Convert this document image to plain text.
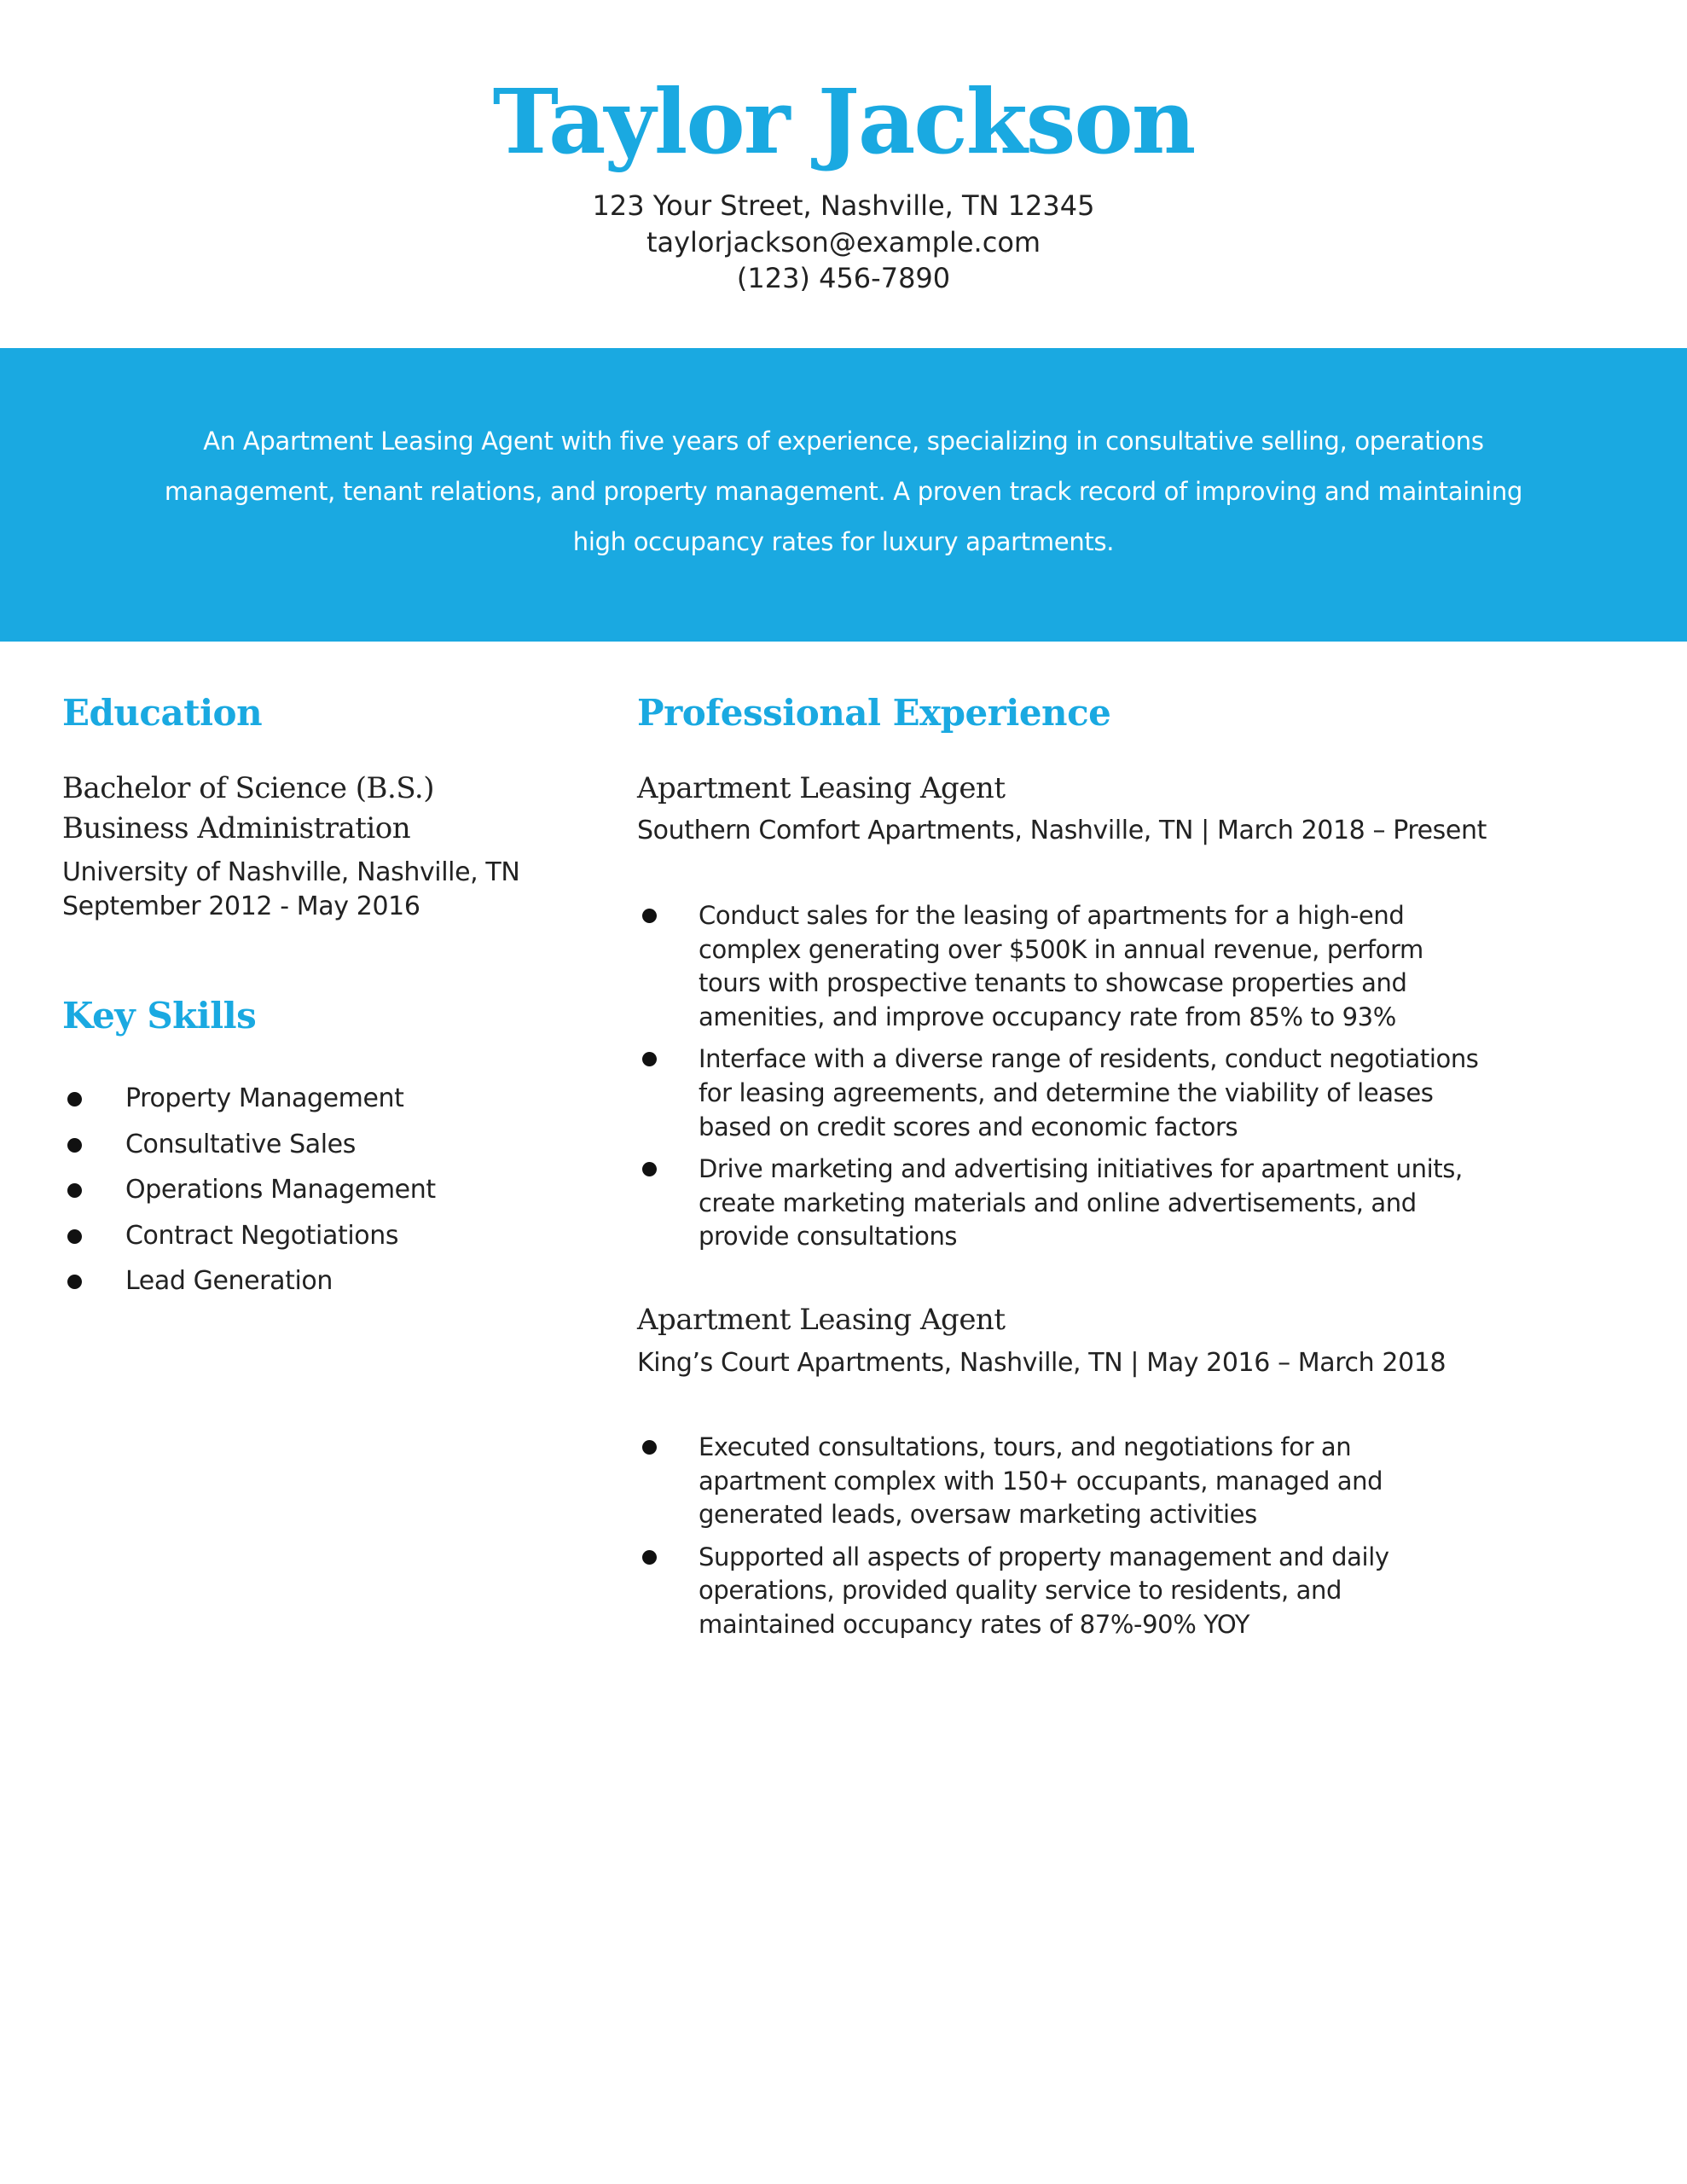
Taylor Jackson
123 Your Street, Nashville, TN 12345
taylorjackson@example.com
(123) 456-7890
An Apartment Leasing Agent with five years of experience, specializing in consultative selling, operations management, tenant relations, and property management. A proven track record of improving and maintaining high occupancy rates for luxury apartments.
Education
Bachelor of Science (B.S.)
Business Administration
University of Nashville, Nashville, TN
September 2012 - May 2016
Key Skills
Property Management
Consultative Sales
Operations Management
Contract Negotiations
Lead Generation
Professional Experience
Apartment Leasing Agent
Southern Comfort Apartments, Nashville, TN | March 2018 – Present
Conduct sales for the leasing of apartments for a high-end complex generating over $500K in annual revenue, perform tours with prospective tenants to showcase properties and amenities, and improve occupancy rate from 85% to 93%
Interface with a diverse range of residents, conduct negotiations for leasing agreements, and determine the viability of leases based on credit scores and economic factors
Drive marketing and advertising initiatives for apartment units, create marketing materials and online advertisements, and provide consultations
Apartment Leasing Agent
King’s Court Apartments, Nashville, TN | May 2016 – March 2018
Executed consultations, tours, and negotiations for an apartment complex with 150+ occupants, managed and generated leads, oversaw marketing activities
Supported all aspects of property management and daily operations, provided quality service to residents, and maintained occupancy rates of 87%-90% YOY
